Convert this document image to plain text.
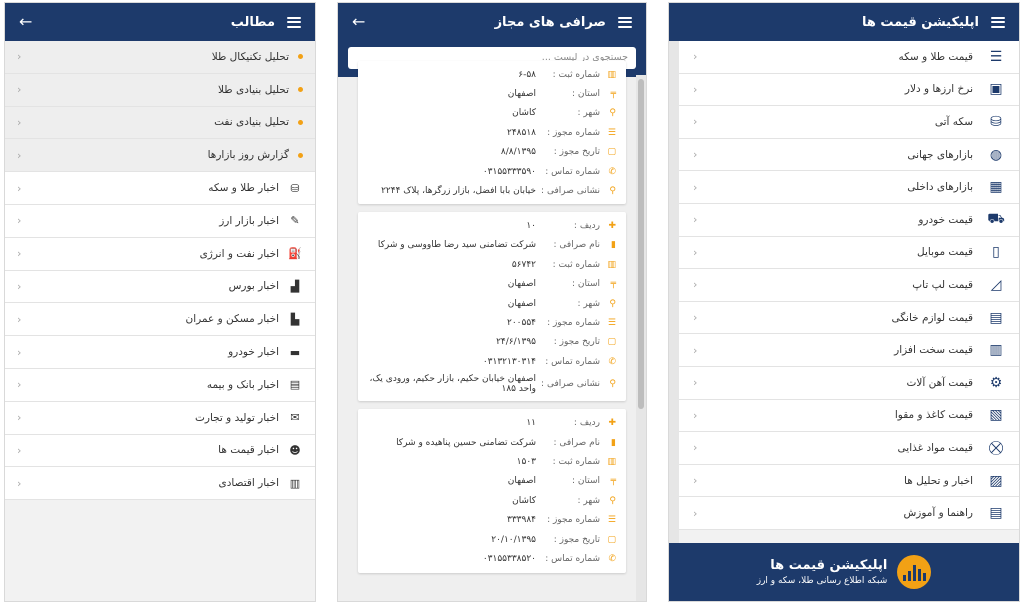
مطالب
←
تحلیل تکنیکال طلا
‹
تحلیل بنیادی طلا
‹
تحلیل بنیادی نفت
‹
گزارش روز بازارها
‹
⛁
اخبار طلا و سکه
‹
✎
اخبار بازار ارز
‹
⛽
اخبار نفت و انرژی
‹
▟
اخبار بورس
‹
▙
اخبار مسکن و عمران
‹
▬
اخبار خودرو
‹
▤
اخبار بانک و بیمه
‹
✉
اخبار تولید و تجارت
‹
☻
اخبار قیمت ها
‹
▥
اخبار اقتصادی
‹
صرافی های مجاز
←
جستجوی در لیست ...
▥
شماره ثبت :
۶-۵۸
╤
استان :
اصفهان
⚲
شهر :
کاشان
☰
شماره مجوز :
۲۴۸۵۱۸
▢
تاریخ مجوز :
۸/۸/۱۳۹۵
✆
شماره تماس :
۰۳۱۵۵۳۳۳۵۹۰
⚲
نشانی صرافی :
خیابان بابا افضل، بازار زرگرها، پلاک ۲۲۴۴
✚
ردیف :
۱۰
▮
نام صرافی :
شرکت تضامنی سید رضا طاووسی و شرکا
▥
شماره ثبت :
۵۶۷۴۲
╤
استان :
اصفهان
⚲
شهر :
اصفهان
☰
شماره مجوز :
۲۰۰۵۵۴
▢
تاریخ مجوز :
۲۴/۶/۱۳۹۵
✆
شماره تماس :
۰۳۱۳۲۱۳۰۳۱۴
⚲
نشانی صرافی :
اصفهان خیابان حکیم، بازار حکیم، ورودی یک، واحد ۱۸۵
✚
ردیف :
۱۱
▮
نام صرافی :
شرکت تضامنی حسین پناهیده و شرکا
▥
شماره ثبت :
۱۵۰۳
╤
استان :
اصفهان
⚲
شهر :
کاشان
☰
شماره مجوز :
۳۳۳۹۸۴
▢
تاریخ مجوز :
۲۰/۱۰/۱۳۹۵
✆
شماره تماس :
۰۳۱۵۵۳۳۸۵۲۰
اپلیکیشن قیمت ها
☰
قیمت طلا و سکه
‹
▣
نرخ ارزها و دلار
‹
⛁
سکه آتی
‹
◍
بازارهای جهانی
‹
▦
بازارهای داخلی
‹
⛟
قیمت خودرو
‹
▯
قیمت موبایل
‹
◿
قیمت لپ تاپ
‹
▤
قیمت لوازم خانگی
‹
▥
قیمت سخت افزار
‹
⚙
قیمت آهن آلات
‹
▧
قیمت کاغذ و مقوا
‹
⛒
قیمت مواد غذایی
‹
▨
اخبار و تحلیل ها
‹
▤
راهنما و آموزش
‹
اپلیکیشن قیمت ها
شبکه اطلاع رسانی طلا، سکه و ارز
